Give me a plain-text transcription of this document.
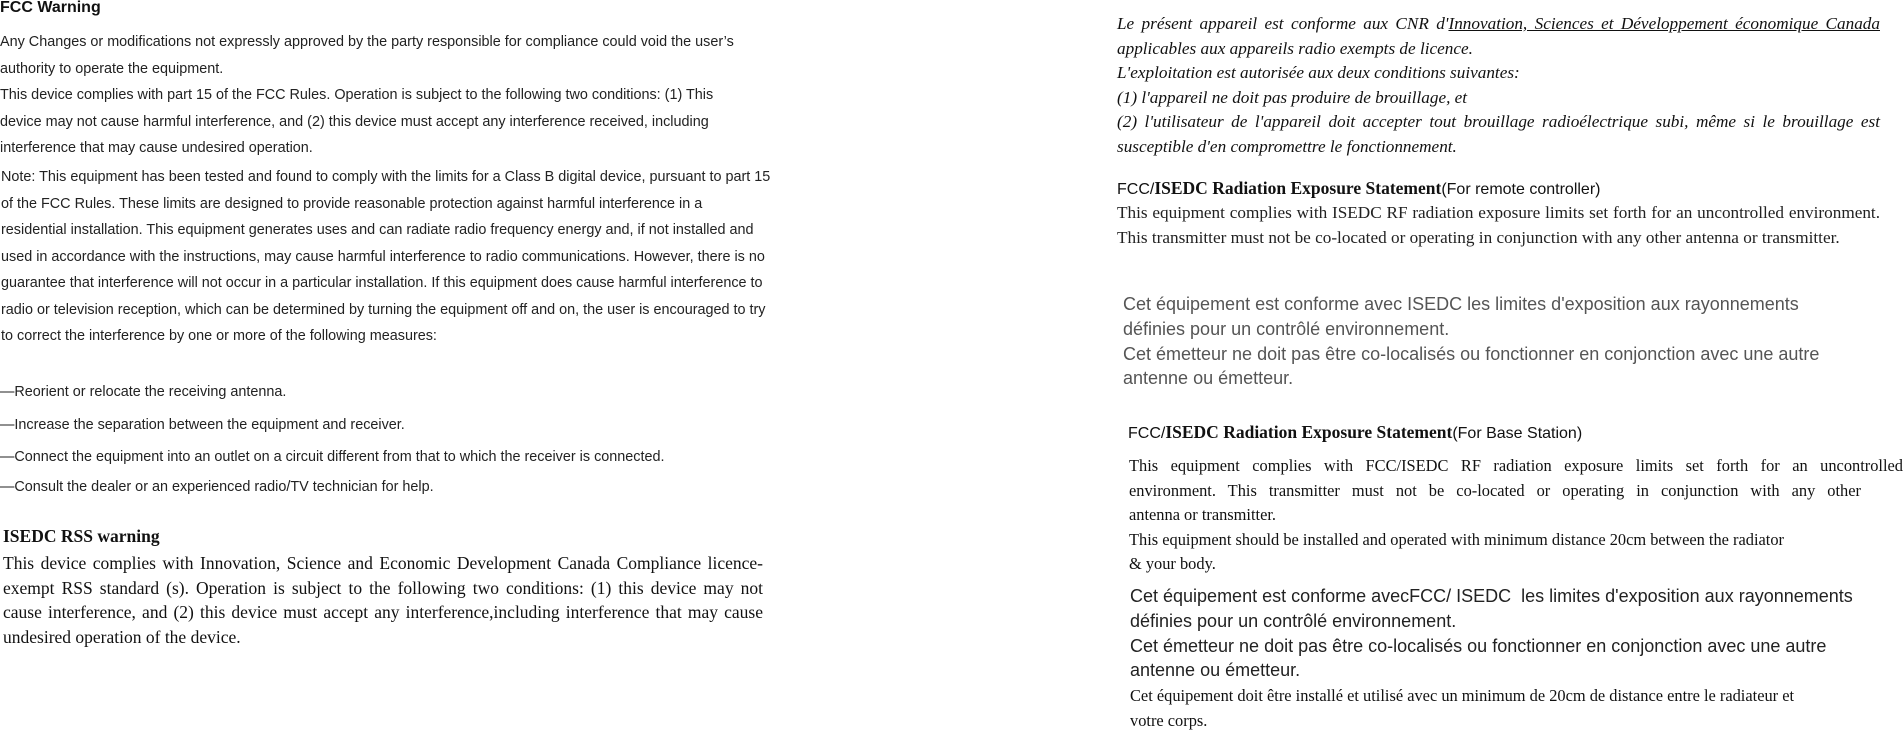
FCC Warning

Any Changes or modifications not expressly approved by the party responsible for compliance could void the user’s authority to operate the equipment.

This device complies with part 15 of the FCC Rules. Operation is subject to the following two conditions: (1) This device may not cause harmful interference, and (2) this device must accept any interference received, including interference that may cause undesired operation.

Note: This equipment has been tested and found to comply with the limits for a Class B digital device, pursuant to part 15 of the FCC Rules. These limits are designed to provide reasonable protection against harmful interference in a residential installation. This equipment generates uses and can radiate radio frequency energy and, if not installed and used in accordance with the instructions, may cause harmful interference to radio communications. However, there is no guarantee that interference will not occur in a particular installation. If this equipment does cause harmful interference to radio or television reception, which can be determined by turning the equipment off and on, the user is encouraged to try to correct the interference by one or more of the following measures:

—Reorient or relocate the receiving antenna.
—Increase the separation between the equipment and receiver.
—Connect the equipment into an outlet on a circuit different from that to which the receiver is connected.
—Consult the dealer or an experienced radio/TV technician for help.
ISEDC RSS warning

This device complies with Innovation, Science and Economic Development Canada Compliance licence-exempt RSS standard (s). Operation is subject to the following two conditions: (1) this device may not cause interference, and (2) this device must accept any interference,including interference that may cause undesired operation of the device.

Le présent appareil est conforme aux CNR d'Innovation, Sciences et Développement économique Canada applicables aux appareils radio exempts de licence.
L'exploitation est autorisée aux deux conditions suivantes:
(1) l'appareil ne doit pas produire de brouillage, et
(2) l'utilisateur de l'appareil doit accepter tout brouillage radioélectrique subi, même si le brouillage est susceptible d'en compromettre le fonctionnement.

FCC/ISEDC Radiation Exposure Statement(For remote controller)

This equipment complies with ISEDC RF radiation exposure limits set forth for an uncontrolled environment. This transmitter must not be co-located or operating in conjunction with any other antenna or transmitter.

Cet équipement est conforme avec ISEDC les limites d'exposition aux rayonnements
définies pour un contrôlé environnement.
Cet émetteur ne doit pas être co-localisés ou fonctionner en conjonction avec une autre
antenne ou émetteur.
FCC/ISEDC Radiation Exposure Statement(For Base Station)
This equipment complies with FCC/ISEDC RF radiation exposure limits set forth for an uncontrolled
environment. This transmitter must not be co-located or operating in conjunction with any other
antenna or transmitter.
This equipment should be installed and operated with minimum distance 20cm between the radiator
& your body.
Cet équipement est conforme avecFCC/ ISEDC  les limites d'exposition aux rayonnements
définies pour un contrôlé environnement.
Cet émetteur ne doit pas être co-localisés ou fonctionner en conjonction avec une autre
antenne ou émetteur.
Cet équipement doit être installé et utilisé avec un minimum de 20cm de distance entre le radiateur et
votre corps.
